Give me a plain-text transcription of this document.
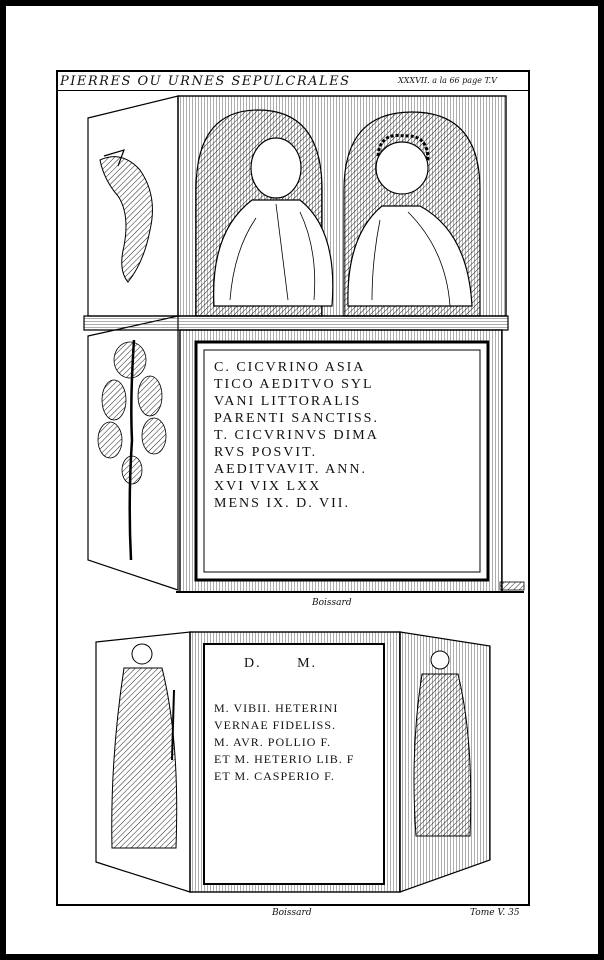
PIERRES OU URNES SEPULCRALES	XXXVII. a la 66 page T.V
C. CICVRINO ASIA
TICO AEDITVO SYL
VANI LITTORALIS
PARENTI SANCTISS.
T. CICVRINVS DIMA
RVS POSVIT.
AEDITVAVIT. ANN.
XVI VIX LXX
MENS IX. D. VII.
Boissard
D. M.
M. VIBII. HETERINI
VERNAE FIDELISS.
M. AVR. POLLIO F.
ET M. HETERIO LIB. F
ET M. CASPERIO F.
Boissard	Tome V. 35
